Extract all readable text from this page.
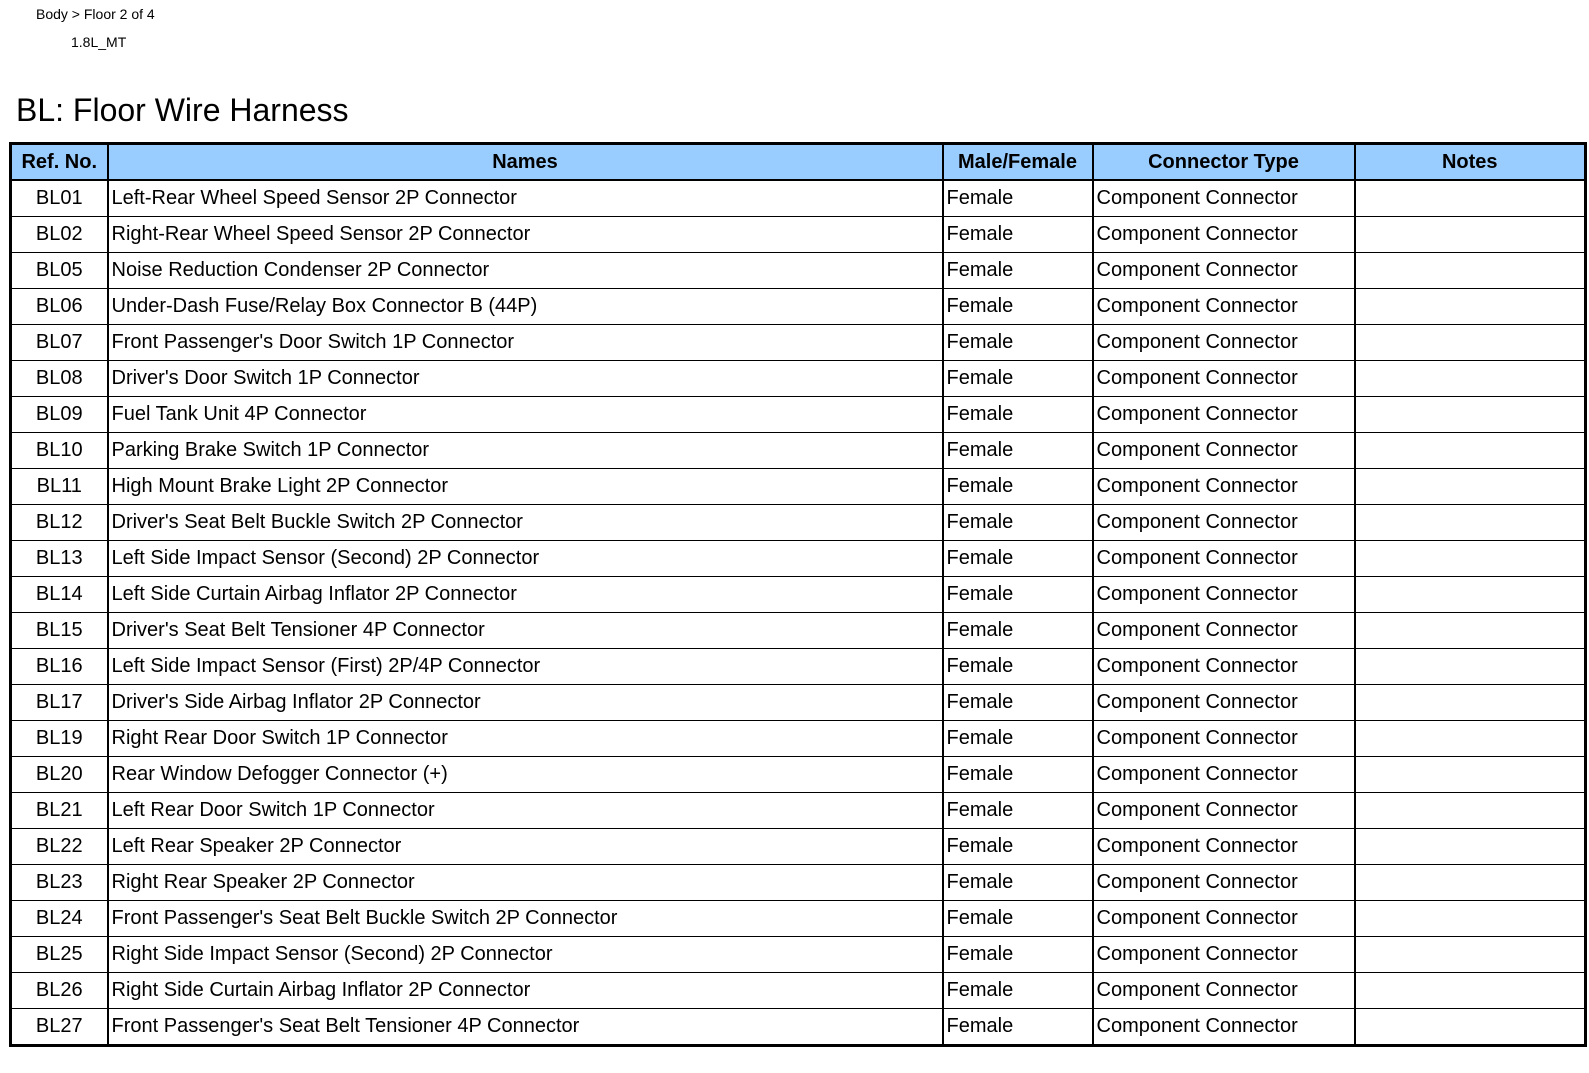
Body > Floor 2 of 4
1.8L_MT
BL: Floor Wire Harness
Ref. No.	Names	Male/Female	Connector Type	Notes
BL01	Left-Rear Wheel Speed Sensor 2P Connector	Female	Component Connector	
BL02	Right-Rear Wheel Speed Sensor 2P Connector	Female	Component Connector	
BL05	Noise Reduction Condenser 2P Connector	Female	Component Connector	
BL06	Under-Dash Fuse/Relay Box Connector B (44P)	Female	Component Connector	
BL07	Front Passenger's Door Switch 1P Connector	Female	Component Connector	
BL08	Driver's Door Switch 1P Connector	Female	Component Connector	
BL09	Fuel Tank Unit 4P Connector	Female	Component Connector	
BL10	Parking Brake Switch 1P Connector	Female	Component Connector	
BL11	High Mount Brake Light 2P Connector	Female	Component Connector	
BL12	Driver's Seat Belt Buckle Switch 2P Connector	Female	Component Connector	
BL13	Left Side Impact Sensor (Second) 2P Connector	Female	Component Connector	
BL14	Left Side Curtain Airbag Inflator 2P Connector	Female	Component Connector	
BL15	Driver's Seat Belt Tensioner 4P Connector	Female	Component Connector	
BL16	Left Side Impact Sensor (First) 2P/4P Connector	Female	Component Connector	
BL17	Driver's Side Airbag Inflator 2P Connector	Female	Component Connector	
BL19	Right Rear Door Switch 1P Connector	Female	Component Connector	
BL20	Rear Window Defogger Connector (+)	Female	Component Connector	
BL21	Left Rear Door Switch 1P Connector	Female	Component Connector	
BL22	Left Rear Speaker 2P Connector	Female	Component Connector	
BL23	Right Rear Speaker 2P Connector	Female	Component Connector	
BL24	Front Passenger's Seat Belt Buckle Switch 2P Connector	Female	Component Connector	
BL25	Right Side Impact Sensor (Second) 2P Connector	Female	Component Connector	
BL26	Right Side Curtain Airbag Inflator 2P Connector	Female	Component Connector	
BL27	Front Passenger's Seat Belt Tensioner 4P Connector	Female	Component Connector	
